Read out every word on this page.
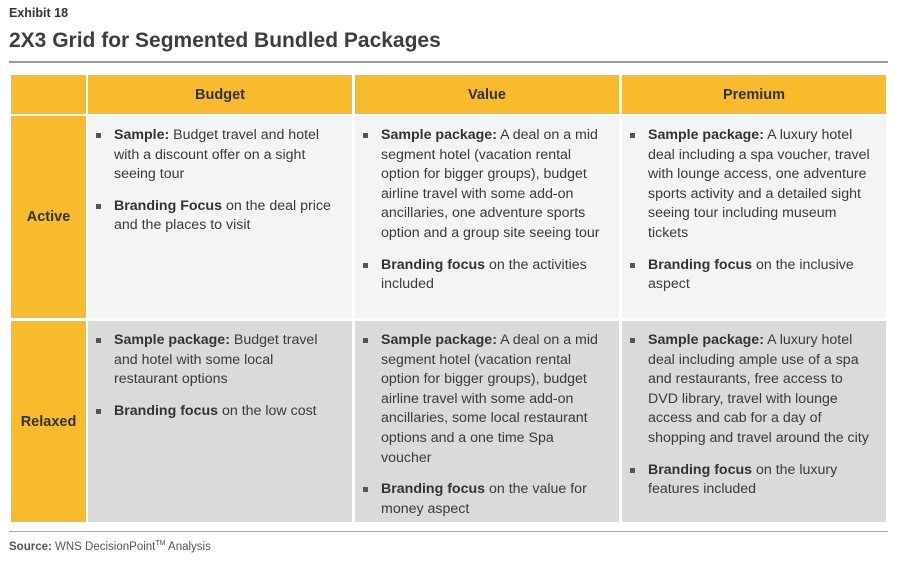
Exhibit 18
2X3 Grid for Segmented Bundled Packages
Budget	Value	Premium
Active
Sample: Budget travel and hotel with a discount offer on a sight seeing tour
Branding Focus on the deal price and the places to visit
Sample package: A deal on a mid segment hotel (vacation rental option for bigger groups), budget airline travel with some add-on ancillaries, one adventure sports option and a group site seeing tour
Branding focus on the activities included
Sample package: A luxury hotel deal including a spa voucher, travel with lounge access, one adventure sports activity and a detailed sight seeing tour including museum tickets
Branding focus on the inclusive aspect
Relaxed
Sample package: Budget travel and hotel with some local restaurant options
Branding focus on the low cost
Sample package: A deal on a mid segment hotel (vacation rental option for bigger groups), budget airline travel with some add-on ancillaries, some local restaurant options and a one time Spa voucher
Branding focus on the value for money aspect
Sample package: A luxury hotel deal including ample use of a spa and restaurants, free access to DVD library, travel with lounge access and cab for a day of shopping and travel around the city
Branding focus on the luxury features included
Source: WNS DecisionPoint™ Analysis
